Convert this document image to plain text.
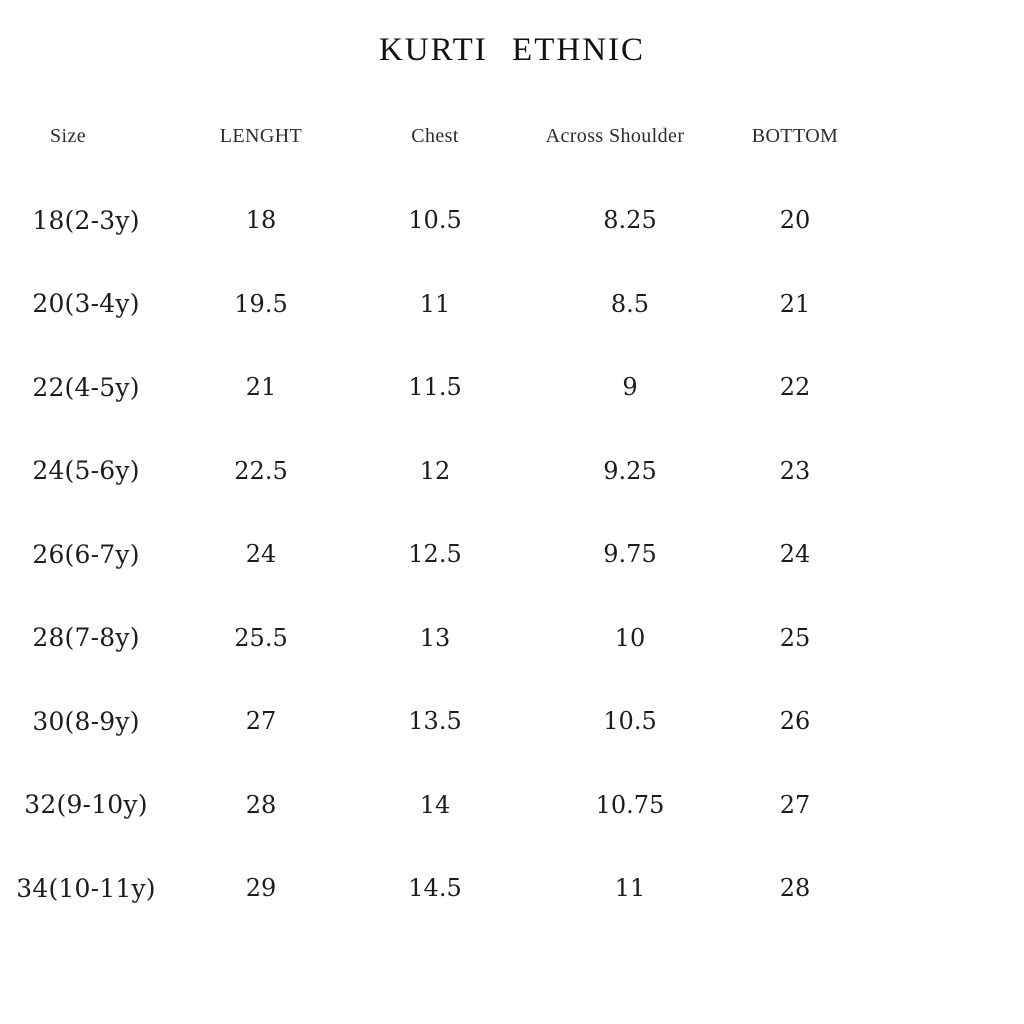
KURTI ETHNIC
Size	LENGHT	Chest	Across Shoulder	BOTTOM
18(2-3y)	18	10.5	8.25	20
20(3-4y)	19.5	11	8.5	21
22(4-5y)	21	11.5	9	22
24(5-6y)	22.5	12	9.25	23
26(6-7y)	24	12.5	9.75	24
28(7-8y)	25.5	13	10	25
30(8-9y)	27	13.5	10.5	26
32(9-10y)	28	14	10.75	27
34(10-11y)	29	14.5	11	28
